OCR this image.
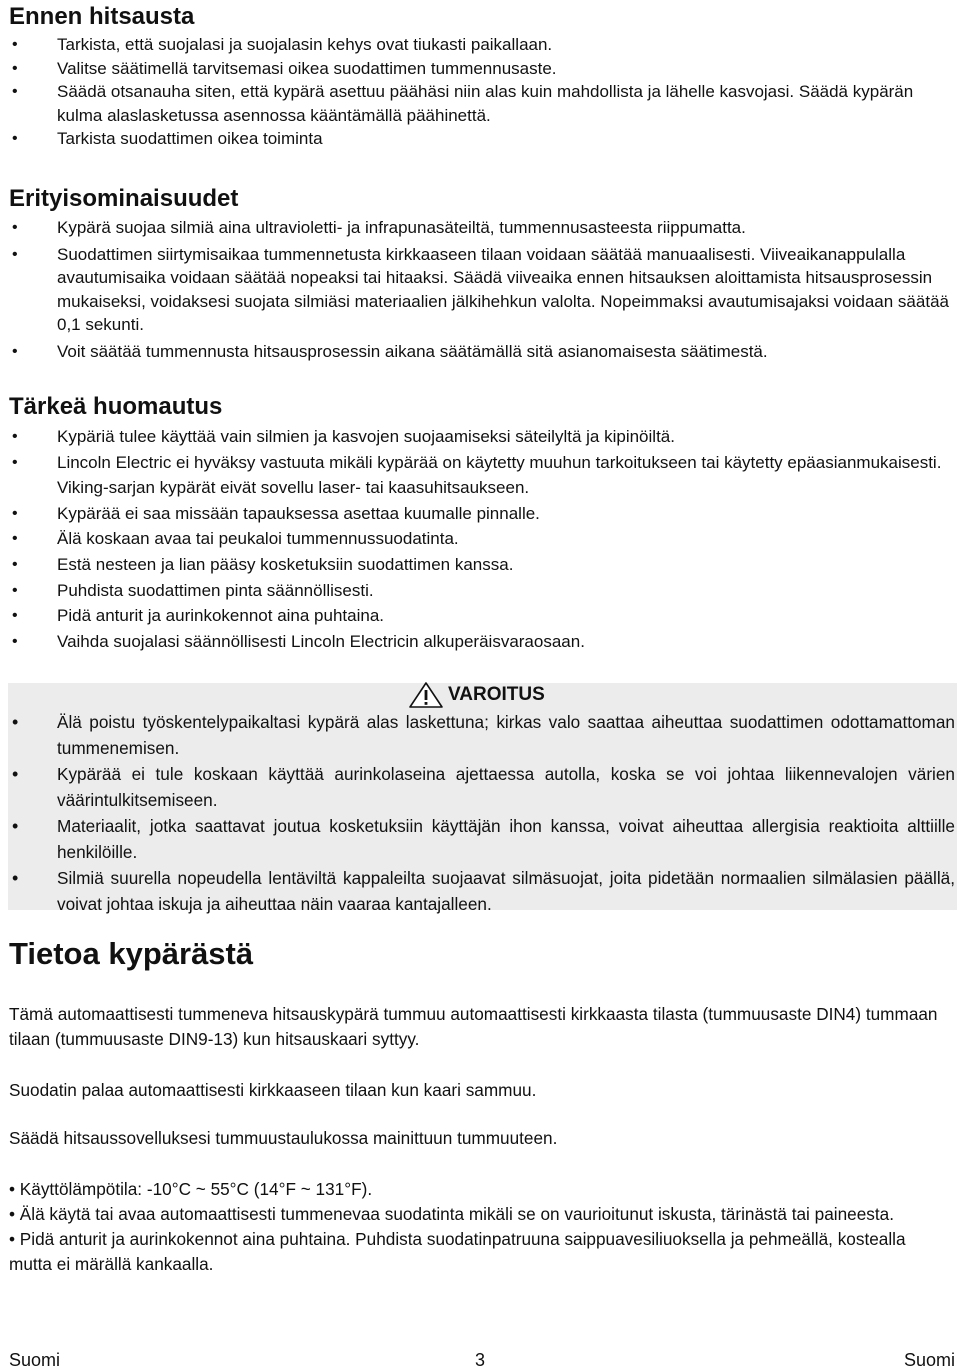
Ennen hitsausta
• Tarkista, että suojalasi ja suojalasin kehys ovat tiukasti paikallaan.
• Valitse säätimellä tarvitsemasi oikea suodattimen tummennusaste.
• Säädä otsanauha siten, että kypärä asettuu päähäsi niin alas kuin mahdollista ja lähelle kasvojasi. Säädä kypärän kulma alaslasketussa asennossa kääntämällä päähinettä.
• Tarkista suodattimen oikea toiminta
Erityisominaisuudet
• Kypärä suojaa silmiä aina ultravioletti- ja infrapunasäteiltä, tummennusasteesta riippumatta.
• Suodattimen siirtymisaikaa tummennetusta kirkkaaseen tilaan voidaan säätää manuaalisesti. Viiveaikanappulalla avautumisaika voidaan säätää nopeaksi tai hitaaksi. Säädä viiveaika ennen hitsauksen aloittamista hitsausprosessin mukaiseksi, voidaksesi suojata silmiäsi materiaalien jälkihehkun valolta. Nopeimmaksi avautumisajaksi voidaan säätää 0,1 sekunti.
• Voit säätää tummennusta hitsausprosessin aikana säätämällä sitä asianomaisesta säätimestä.
Tärkeä huomautus
• Kypäriä tulee käyttää vain silmien ja kasvojen suojaamiseksi säteilyltä ja kipinöiltä.
• Lincoln Electric ei hyväksy vastuuta mikäli kypärää on käytetty muuhun tarkoitukseen tai käytetty epäasianmukaisesti. Viking-sarjan kypärät eivät sovellu laser- tai kaasuhitsaukseen.
• Kypärää ei saa missään tapauksessa asettaa kuumalle pinnalle.
• Älä koskaan avaa tai peukaloi tummennussuodatinta.
• Estä nesteen ja lian pääsy kosketuksiin suodattimen kanssa.
• Puhdista suodattimen pinta säännöllisesti.
• Pidä anturit ja aurinkokennot aina puhtaina.
• Vaihda suojalasi säännöllisesti Lincoln Electricin alkuperäisvaraosaan.
VAROITUS
• Älä poistu työskentelypaikaltasi kypärä alas laskettuna; kirkas valo saattaa aiheuttaa suodattimen odottamattoman tummenemisen.
• Kypärää ei tule koskaan käyttää aurinkolaseina ajettaessa autolla, koska se voi johtaa liikennevalojen värien väärintulkitsemiseen.
• Materiaalit, jotka saattavat joutua kosketuksiin käyttäjän ihon kanssa, voivat aiheuttaa allergisia reaktioita alttiille henkilöille.
• Silmiä suurella nopeudella lentäviltä kappaleilta suojaavat silmäsuojat, joita pidetään normaalien silmälasien päällä, voivat johtaa iskuja ja aiheuttaa näin vaaraa kantajalleen.
Tietoa kypärästä

Tämä automaattisesti tummeneva hitsauskypärä tummuu automaattisesti kirkkaasta tilasta (tummuusaste DIN4) tummaan tilaan (tummuusaste DIN9-13) kun hitsauskaari syttyy.

Suodatin palaa automaattisesti kirkkaaseen tilaan kun kaari sammuu.

Säädä hitsaussovelluksesi tummuustaulukossa mainittuun tummuuteen.

• Käyttölämpötila: -10°C ~ 55°C (14°F ~ 131°F).
• Älä käytä tai avaa automaattisesti tummenevaa suodatinta mikäli se on vaurioitunut iskusta, tärinästä tai paineesta.
• Pidä anturit ja aurinkokennot aina puhtaina. Puhdista suodatinpatruuna saippuavesiliuoksella ja pehmeällä, kostealla mutta ei märällä kankaalla.
Suomi	3	Suomi
